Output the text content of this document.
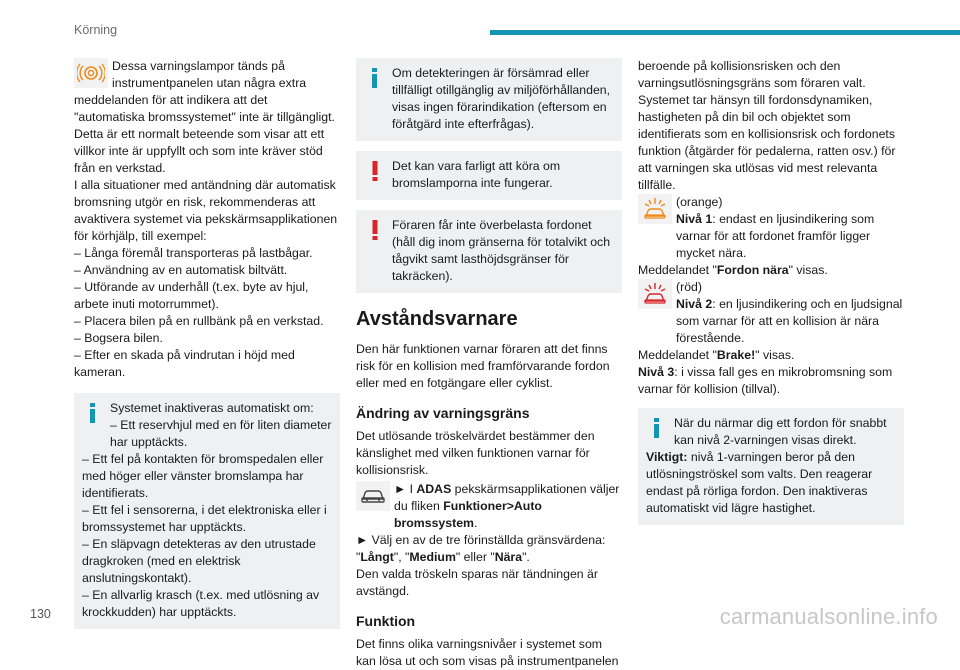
Körning

Dessa varningslampor tänds på

instrumentpanelen utan några extra

meddelanden för att indikera att det "automatiska bromssystemet" inte är tillgängligt.

Detta är ett normalt beteende som visar att ett villkor inte är uppfyllt och som inte kräver stöd från en verkstad.

I alla situationer med antändning där automatisk bromsning utgör en risk, rekommenderas att avaktivera systemet via pekskärmsapplikationen för körhjälp, till exempel:

– Långa föremål transporteras på lastbågar.

– Användning av en automatisk biltvätt.

– Utförande av underhåll (t.ex. byte av hjul, arbete inuti motorrummet).

– Placera bilen på en rullbänk på en verkstad.

– Bogsera bilen.

– Efter en skada på vindrutan i höjd med kameran.

Systemet inaktiveras automatiskt om:

– Ett reservhjul med en för liten diameter har upptäckts.

– Ett fel på kontakten för bromspedalen eller med höger eller vänster bromslampa har identifierats.

– Ett fel i sensorerna, i det elektroniska eller i bromssystemet har upptäckts.

– En släpvagn detekteras av den utrustade dragkroken (med en elektrisk anslutningskontakt).

– En allvarlig krasch (t.ex. med utlösning av krockkudden) har upptäckts.

Om detekteringen är försämrad eller tillfälligt otillgänglig av miljöförhållanden, visas ingen förarindikation (eftersom en föråtgärd inte efterfrågas).

Det kan vara farligt att köra om bromslamporna inte fungerar.

Föraren får inte överbelasta fordonet (håll dig inom gränserna för totalvikt och tågvikt samt lasthöjdsgränser för takräcken).

Avståndsvarnare

Den här funktionen varnar föraren att det finns risk för en kollision med framförvarande fordon eller med en fotgängare eller cyklist.

Ändring av varningsgräns

Det utlösande tröskelvärdet bestämmer den känslighet med vilken funktionen varnar för kollisionsrisk.

► I ADAS pekskärmsapplikationen väljer du fliken Funktioner>Auto bromssystem.

► Välj en av de tre förinställda gränsvärdena: "Långt", "Medium" eller "Nära".

Den valda tröskeln sparas när tändningen är avstängd.

Funktion

Det finns olika varningsnivåer i systemet som kan lösa ut och som visas på instrumentpanelen

beroende på kollisionsrisken och den varningsutlösningsgräns som föraren valt.

Systemet tar hänsyn till fordonsdynamiken, hastigheten på din bil och objektet som identifierats som en kollisionsrisk och fordonets funktion (åtgärder för pedalerna, ratten osv.) för att varningen ska utlösas vid mest relevanta tillfälle.

(orange)

Nivå 1: endast en ljusindikering som varnar för att fordonet framför ligger mycket nära.

Meddelandet "Fordon nära" visas.

(röd)

Nivå 2: en ljusindikering och en ljudsignal som varnar för att en kollision är nära förestående.

Meddelandet "Brake!" visas.

Nivå 3: i vissa fall ges en mikrobromsning som varnar för kollision (tillval).

När du närmar dig ett fordon för snabbt kan nivå 2-varningen visas direkt.

Viktigt: nivå 1-varningen beror på den utlösningströskel som valts. Den reagerar endast på rörliga fordon. Den inaktiveras automatiskt vid lägre hastighet.

130	carmanualsonline.info
